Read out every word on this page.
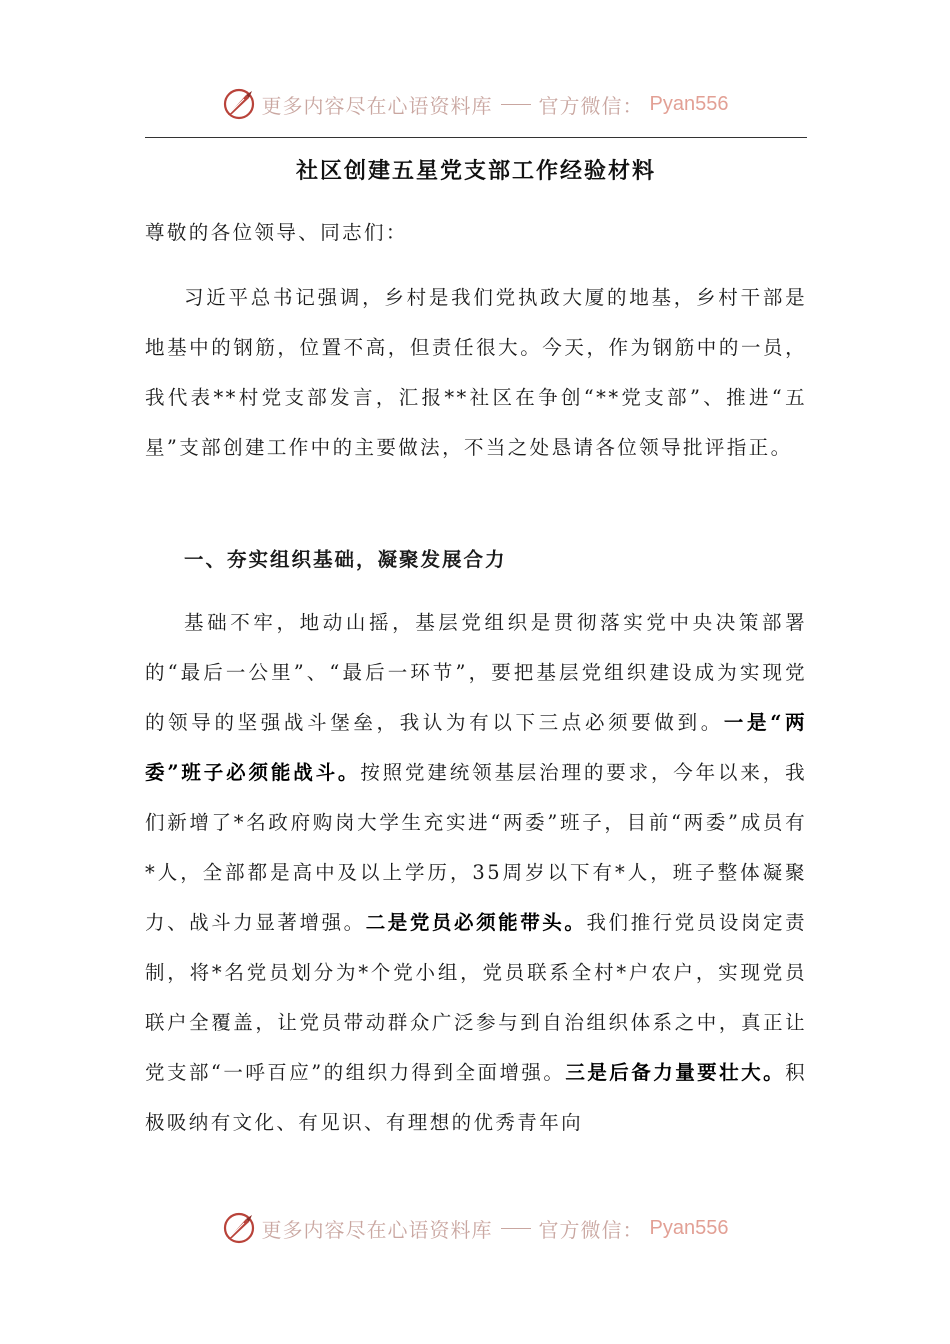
更多内容尽在心语资料库 官方微信： Pyan556
社区创建五星党支部工作经验材料

尊敬的各位领导、同志们：

习近平总书记强调，乡村是我们党执政大厦的地基，乡村干部是地基中的钢筋，位置不高，但责任很大。今天，作为钢筋中的一员，我代表**村党支部发言，汇报**社区在争创“**党支部”、推进“五星”支部创建工作中的主要做法，不当之处恳请各位领导批评指正。

一、夯实组织基础，凝聚发展合力

基础不牢，地动山摇，基层党组织是贯彻落实党中央决策部署的“最后一公里”、“最后一环节”，要把基层党组织建设成为实现党的领导的坚强战斗堡垒，我认为有以下三点必须要做到。一是“两委”班子必须能战斗。按照党建统领基层治理的要求，今年以来，我们新增了*名政府购岗大学生充实进“两委”班子，目前“两委”成员有*人，全部都是高中及以上学历，35周岁以下有*人，班子整体凝聚力、战斗力显著增强。二是党员必须能带头。我们推行党员设岗定责制，将*名党员划分为*个党小组，党员联系全村*户农户，实现党员联户全覆盖，让党员带动群众广泛参与到自治组织体系之中，真正让党支部“一呼百应”的组织力得到全面增强。三是后备力量要壮大。积极吸纳有文化、有见识、有理想的优秀青年向

更多内容尽在心语资料库 官方微信： Pyan556
